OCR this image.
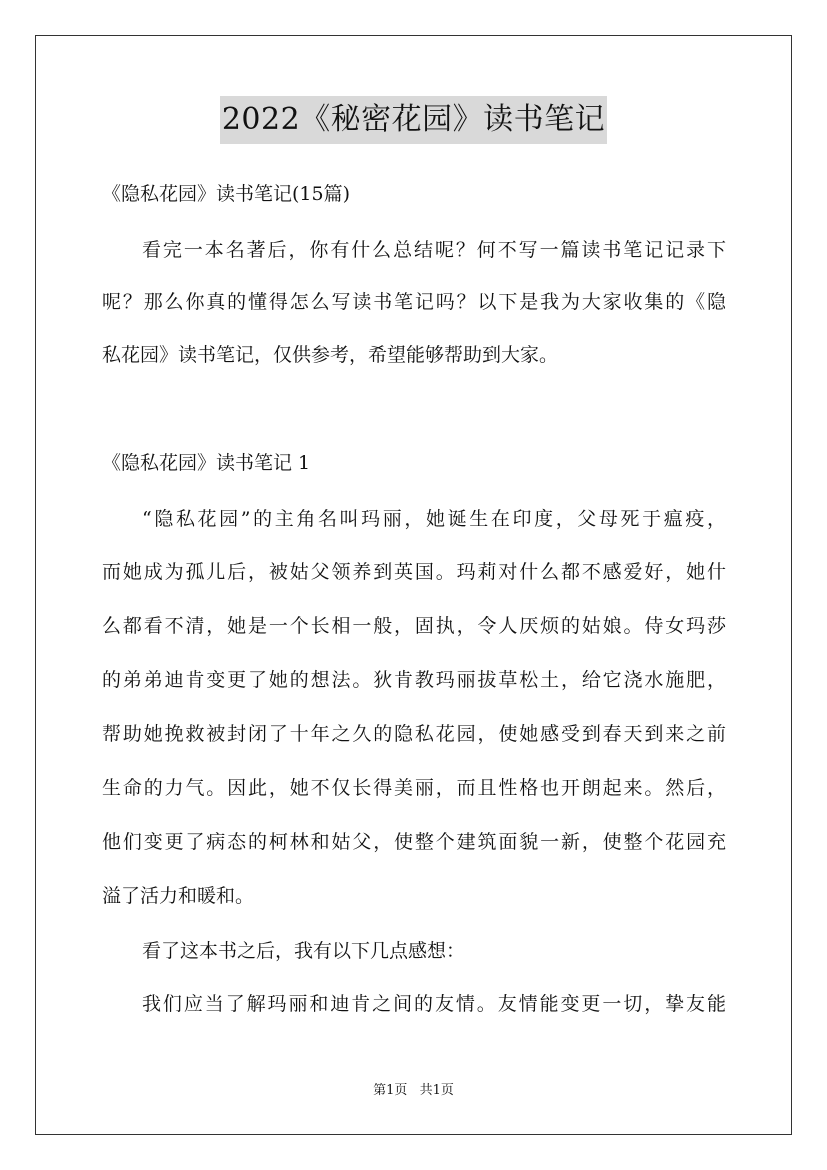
2022《秘密花园》读书笔记
《隐私花园》读书笔记(15篇)
看完一本名著后，你有什么总结呢？何不写一篇读书笔记记录下
呢？那么你真的懂得怎么写读书笔记吗？以下是我为大家收集的《隐
私花园》读书笔记，仅供参考，希望能够帮助到大家。
《隐私花园》读书笔记 1
“隐私花园”的主角名叫玛丽，她诞生在印度，父母死于瘟疫，
而她成为孤儿后，被姑父领养到英国。玛莉对什么都不感爱好，她什
么都看不清，她是一个长相一般，固执，令人厌烦的姑娘。侍女玛莎
的弟弟迪肯变更了她的想法。狄肯教玛丽拔草松土，给它浇水施肥，
帮助她挽救被封闭了十年之久的隐私花园，使她感受到春天到来之前
生命的力气。因此，她不仅长得美丽，而且性格也开朗起来。然后，
他们变更了病态的柯林和姑父，使整个建筑面貌一新，使整个花园充
溢了活力和暖和。
看了这本书之后，我有以下几点感想：
我们应当了解玛丽和迪肯之间的友情。友情能变更一切，挚友能
第1页 共1页
